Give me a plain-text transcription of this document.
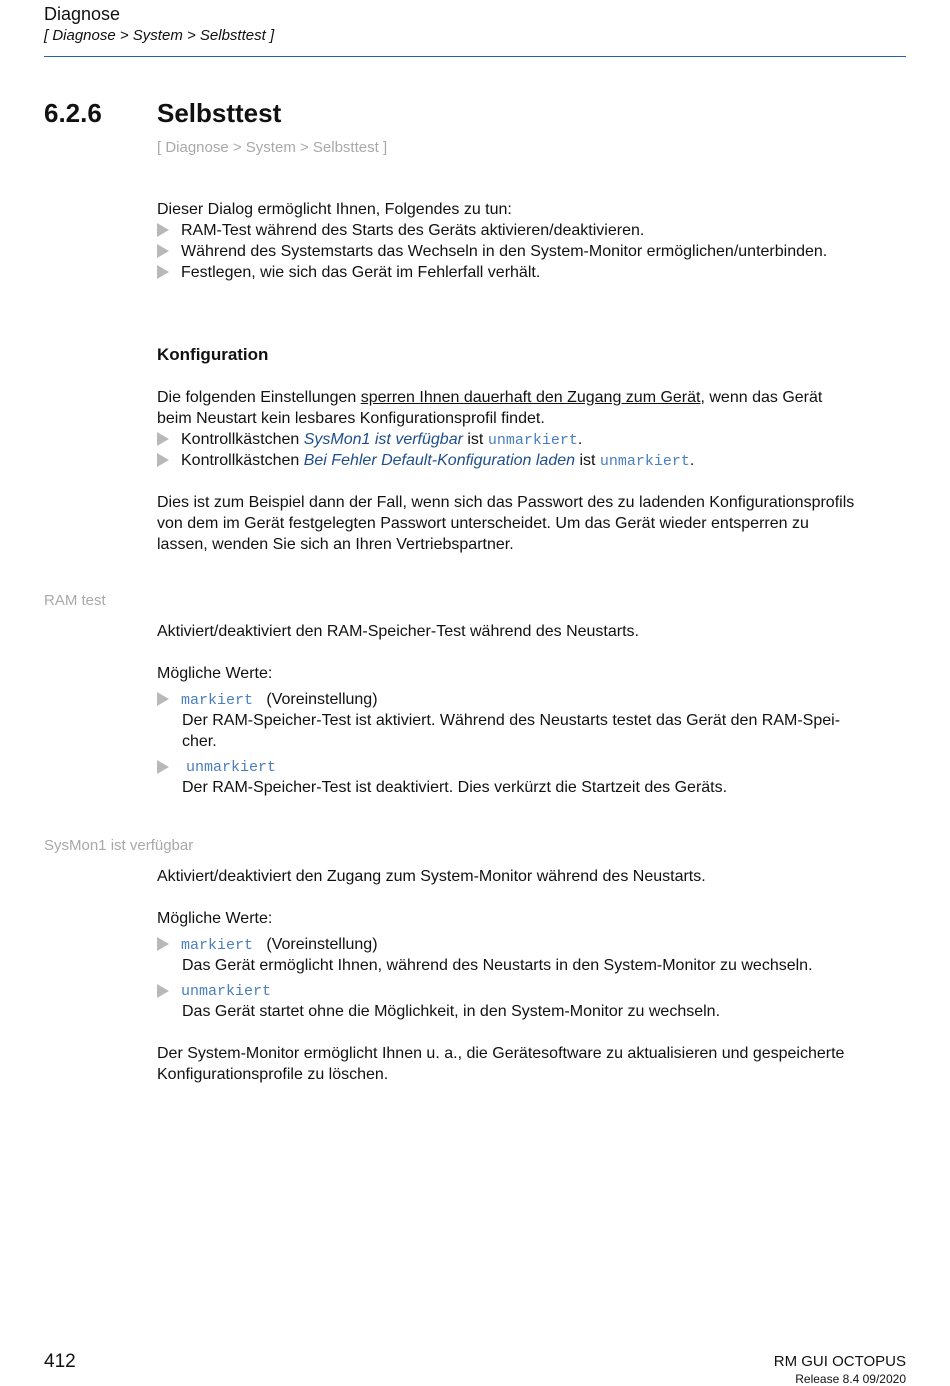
Diagnose
[ Diagnose > System > Selbsttest ]
6.2.6 Selbsttest
[ Diagnose > System > Selbsttest ]
Dieser Dialog ermöglicht Ihnen, Folgendes zu tun:
RAM-Test während des Starts des Geräts aktivieren/deaktivieren.
Während des Systemstarts das Wechseln in den System-Monitor ermöglichen/unterbinden.
Festlegen, wie sich das Gerät im Fehlerfall verhält.
Konfiguration
Die folgenden Einstellungen sperren Ihnen dauerhaft den Zugang zum Gerät, wenn das Gerät
beim Neustart kein lesbares Konfigurationsprofil findet.
Kontrollkästchen SysMon1 ist verfügbar ist unmarkiert.
Kontrollkästchen Bei Fehler Default-Konfiguration laden ist unmarkiert.
Dies ist zum Beispiel dann der Fall, wenn sich das Passwort des zu ladenden Konfigurationsprofils
von dem im Gerät festgelegten Passwort unterscheidet. Um das Gerät wieder entsperren zu
lassen, wenden Sie sich an Ihren Vertriebspartner.
RAM test
Aktiviert/deaktiviert den RAM-Speicher-Test während des Neustarts.
Mögliche Werte:
markiert (Voreinstellung)
Der RAM-Speicher-Test ist aktiviert. Während des Neustarts testet das Gerät den RAM-Spei-
cher.
unmarkiert
Der RAM-Speicher-Test ist deaktiviert. Dies verkürzt die Startzeit des Geräts.
SysMon1 ist verfügbar
Aktiviert/deaktiviert den Zugang zum System-Monitor während des Neustarts.
Mögliche Werte:
markiert (Voreinstellung)
Das Gerät ermöglicht Ihnen, während des Neustarts in den System-Monitor zu wechseln.
unmarkiert
Das Gerät startet ohne die Möglichkeit, in den System-Monitor zu wechseln.
Der System-Monitor ermöglicht Ihnen u. a., die Gerätesoftware zu aktualisieren und gespeicherte
Konfigurationsprofile zu löschen.
412	RM GUI OCTOPUS
Release 8.4 09/2020
